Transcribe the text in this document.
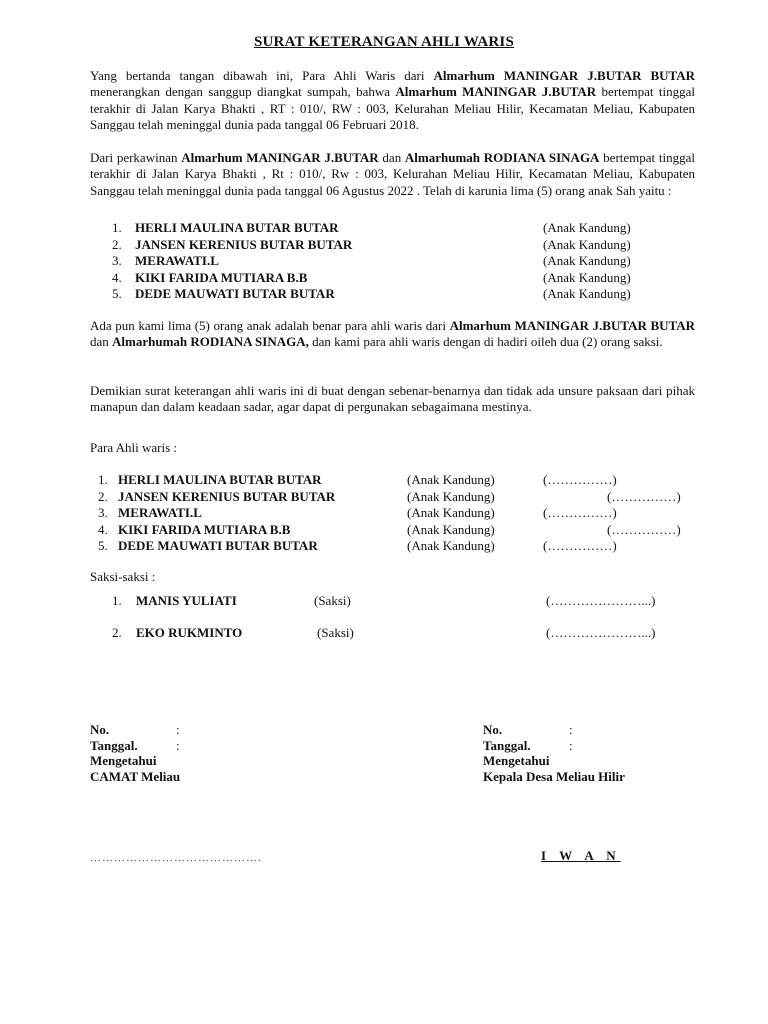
SURAT KETERANGAN AHLI WARIS
Yang bertanda tangan dibawah ini, Para Ahli Waris dari Almarhum MANINGAR J.BUTAR BUTAR menerangkan dengan sanggup diangkat sumpah, bahwa Almarhum MANINGAR J.BUTAR bertempat tinggal terakhir di Jalan Karya Bhakti , RT : 010/, RW : 003, Kelurahan Meliau Hilir, Kecamatan Meliau, Kabupaten Sanggau telah meninggal dunia pada tanggal 06 Februari 2018.
Dari perkawinan Almarhum MANINGAR J.BUTAR dan Almarhumah RODIANA SINAGA bertempat tinggal terakhir di Jalan Karya Bhakti , Rt : 010/, Rw : 003, Kelurahan Meliau Hilir, Kecamatan Meliau, Kabupaten Sanggau telah meninggal dunia pada tanggal 06 Agustus 2022 . Telah di karunia lima (5) orang anak Sah yaitu :
1. HERLI MAULINA BUTAR BUTAR	(Anak Kandung)
2. JANSEN KERENIUS BUTAR BUTAR	(Anak Kandung)
3. MERAWATI.L	(Anak Kandung)
4. KIKI FARIDA MUTIARA B.B	(Anak Kandung)
5. DEDE MAUWATI BUTAR BUTAR	(Anak Kandung)
Ada pun kami lima (5) orang anak adalah benar para ahli waris dari Almarhum MANINGAR J.BUTAR BUTAR dan Almarhumah RODIANA SINAGA, dan kami para ahli waris dengan di hadiri oileh dua (2) orang saksi.
Demikian surat keterangan ahli waris ini di buat dengan sebenar-benarnya dan tidak ada unsure paksaan dari pihak manapun dan dalam keadaan sadar, agar dapat di pergunakan sebagaimana mestinya.
Para Ahli waris :
1. HERLI MAULINA BUTAR BUTAR	(Anak Kandung)	(……………)
2. JANSEN KERENIUS BUTAR BUTAR	(Anak Kandung)	(……………)
3. MERAWATI.L	(Anak Kandung)	(……………)
4. KIKI FARIDA MUTIARA B.B	(Anak Kandung)	(……………)
5. DEDE MAUWATI BUTAR BUTAR	(Anak Kandung)	(……………)
Saksi-saksi :
1. MANIS YULIATI	(Saksi)	(…………………...)
2. EKO RUKMINTO	(Saksi)	(…………………...)
No.	:
Tanggal.	:
Mengetahui
CAMAT Meliau
No.	:
Tanggal.	:
Mengetahui
Kepala Desa Meliau Hilir
…………………………………….	I W A N
